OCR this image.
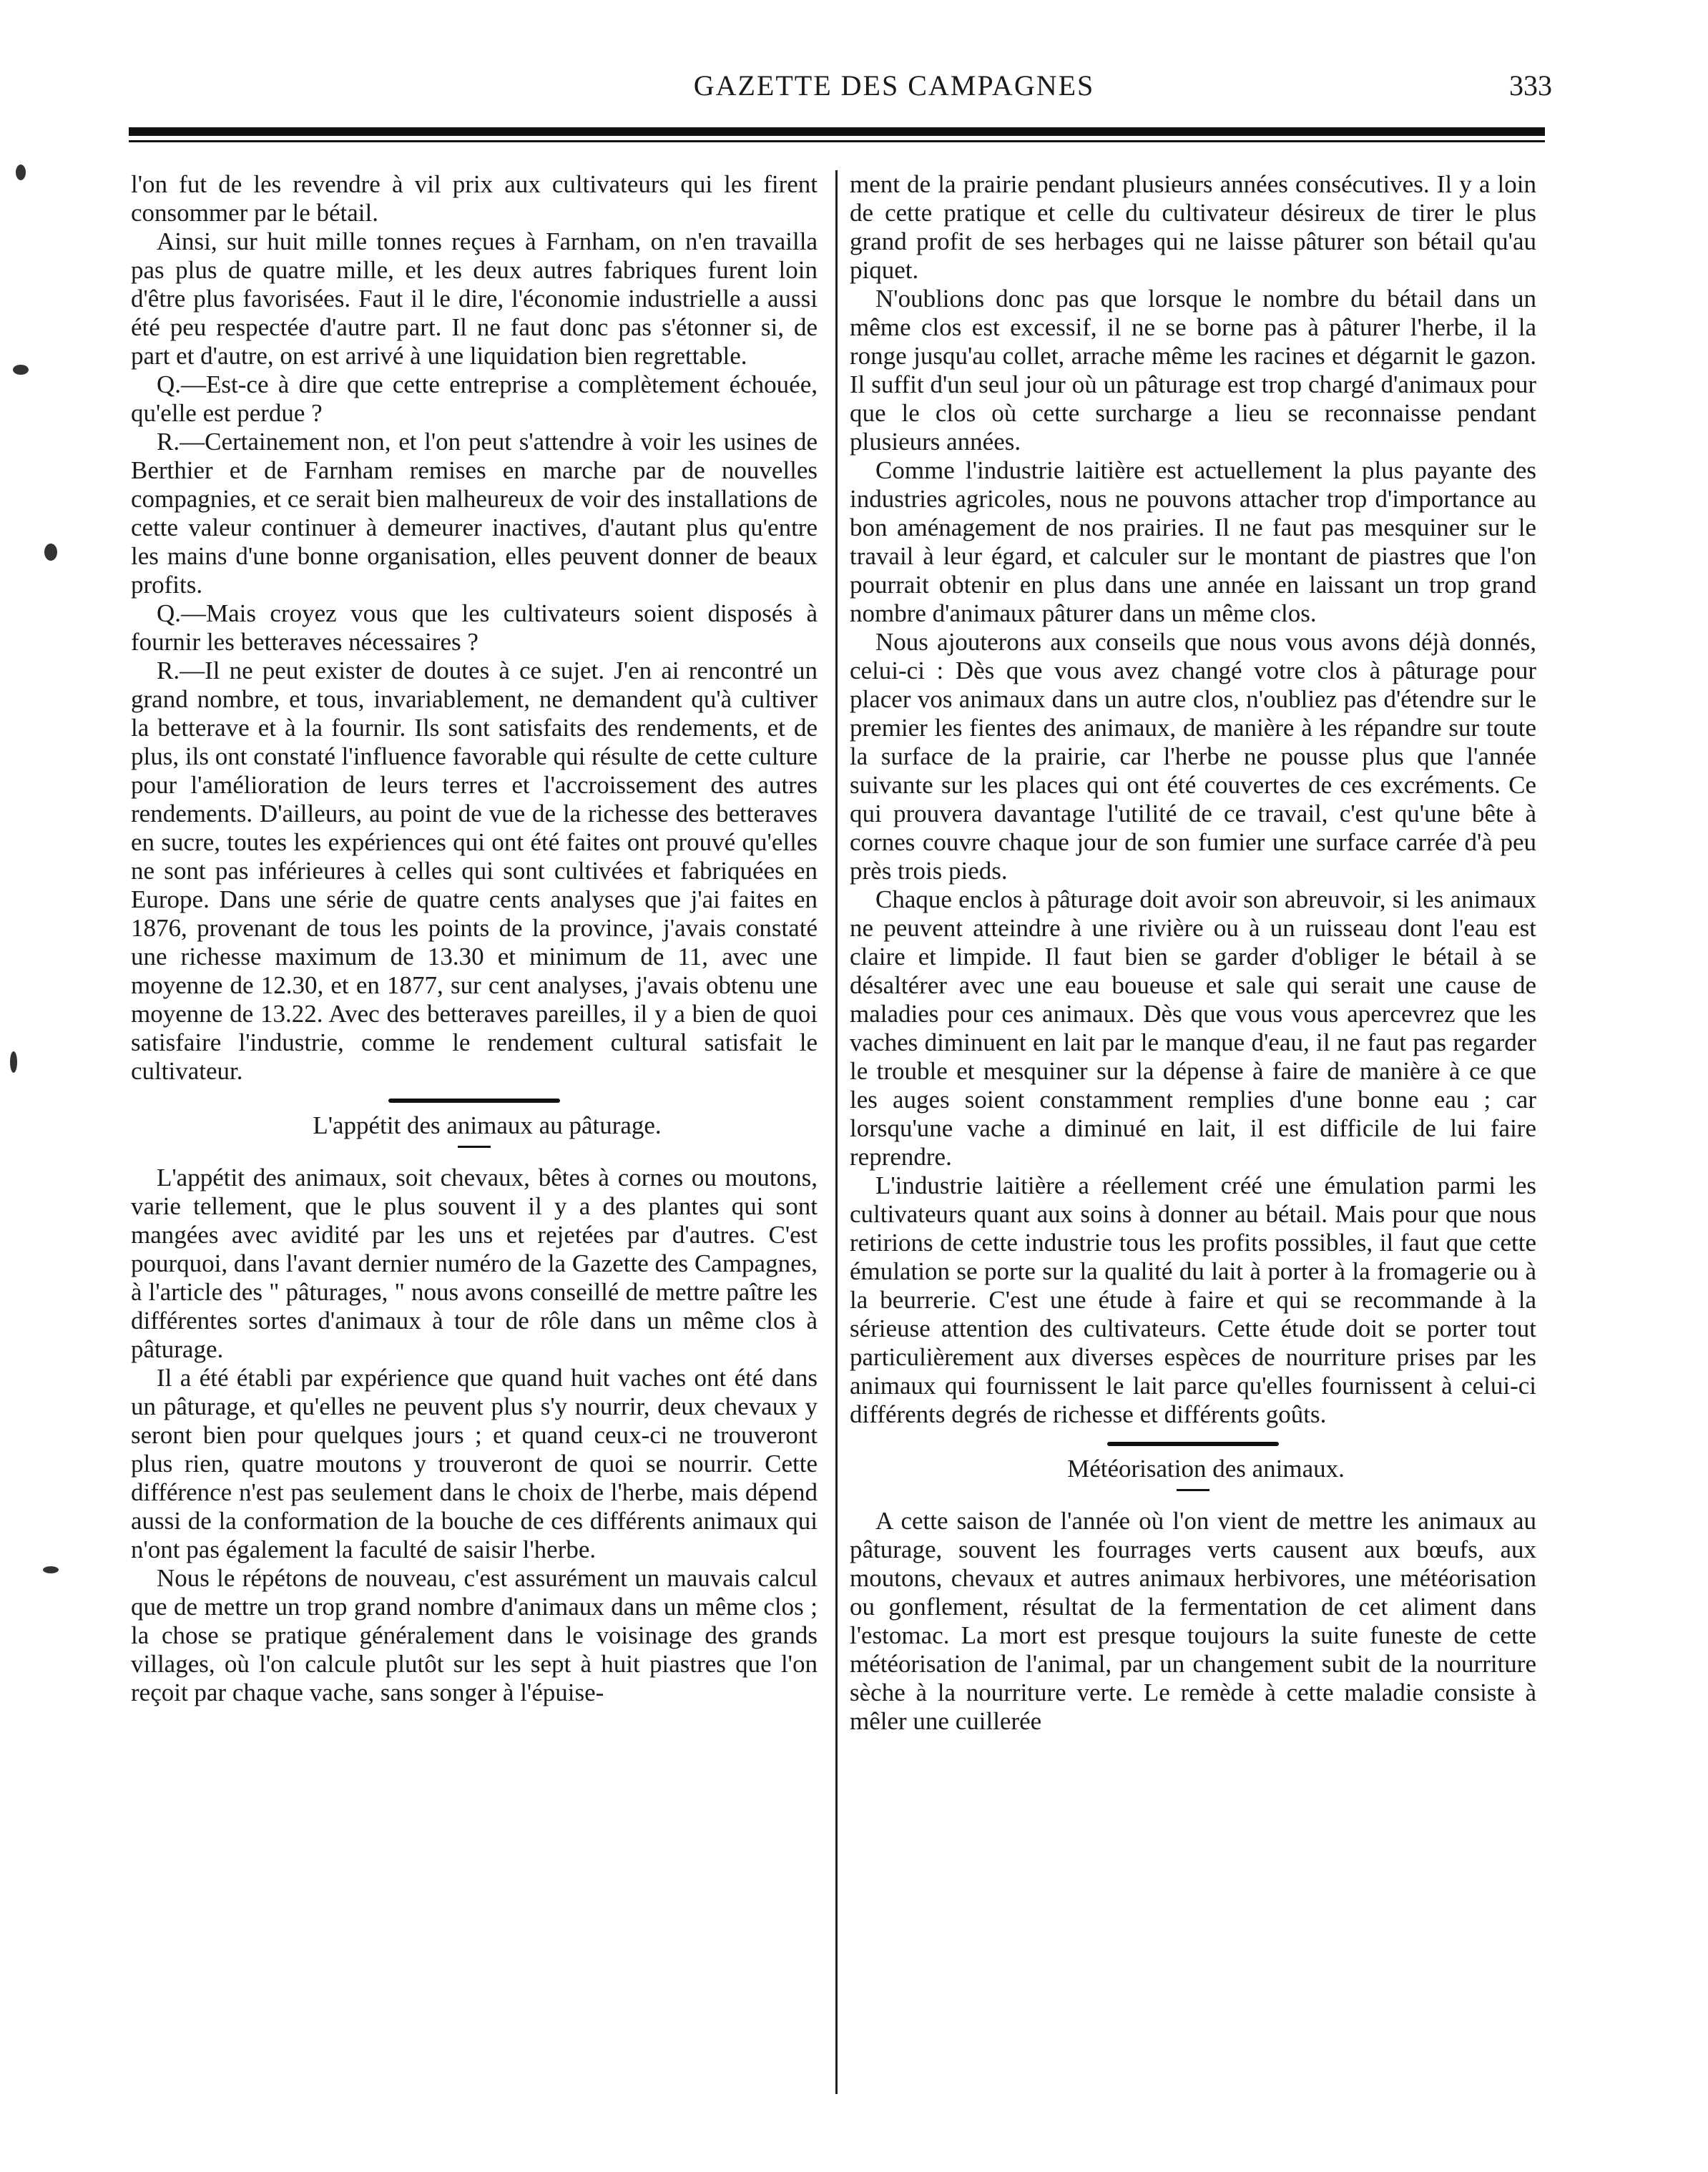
GAZETTE DES CAMPAGNES	333

l'on fut de les revendre à vil prix aux cultivateurs qui les firent consommer par le bétail.

Ainsi, sur huit mille tonnes reçues à Farnham, on n'en travailla pas plus de quatre mille, et les deux autres fabriques furent loin d'être plus favorisées. Faut il le dire, l'économie industrielle a aussi été peu respectée d'autre part. Il ne faut donc pas s'étonner si, de part et d'autre, on est arrivé à une liquidation bien regrettable.

Q.—Est-ce à dire que cette entreprise a complètement échouée, qu'elle est perdue ?

R.—Certainement non, et l'on peut s'attendre à voir les usines de Berthier et de Farnham remises en marche par de nouvelles compagnies, et ce serait bien malheureux de voir des installations de cette valeur continuer à demeurer inactives, d'autant plus qu'entre les mains d'une bonne organisation, elles peuvent donner de beaux profits.

Q.—Mais croyez vous que les cultivateurs soient disposés à fournir les betteraves nécessaires ?

R.—Il ne peut exister de doutes à ce sujet. J'en ai rencontré un grand nombre, et tous, invariablement, ne demandent qu'à cultiver la betterave et à la fournir. Ils sont satisfaits des rendements, et de plus, ils ont constaté l'influence favorable qui résulte de cette culture pour l'amélioration de leurs terres et l'accroissement des autres rendements. D'ailleurs, au point de vue de la richesse des betteraves en sucre, toutes les expériences qui ont été faites ont prouvé qu'elles ne sont pas inférieures à celles qui sont cultivées et fabriquées en Europe. Dans une série de quatre cents analyses que j'ai faites en 1876, provenant de tous les points de la province, j'avais constaté une richesse maximum de 13.30 et minimum de 11, avec une moyenne de 12.30, et en 1877, sur cent analyses, j'avais obtenu une moyenne de 13.22. Avec des betteraves pareilles, il y a bien de quoi satisfaire l'industrie, comme le rendement cultural satisfait le cultivateur.

L'appétit des animaux au pâturage.

L'appétit des animaux, soit chevaux, bêtes à cornes ou moutons, varie tellement, que le plus souvent il y a des plantes qui sont mangées avec avidité par les uns et rejetées par d'autres. C'est pourquoi, dans l'avant dernier numéro de la Gazette des Campagnes, à l'article des " pâturages, " nous avons conseillé de mettre paître les différentes sortes d'animaux à tour de rôle dans un même clos à pâturage.

Il a été établi par expérience que quand huit vaches ont été dans un pâturage, et qu'elles ne peuvent plus s'y nourrir, deux chevaux y seront bien pour quelques jours ; et quand ceux-ci ne trouveront plus rien, quatre moutons y trouveront de quoi se nourrir. Cette différence n'est pas seulement dans le choix de l'herbe, mais dépend aussi de la conformation de la bouche de ces différents animaux qui n'ont pas également la faculté de saisir l'herbe.

Nous le répétons de nouveau, c'est assurément un mauvais calcul que de mettre un trop grand nombre d'animaux dans un même clos ; la chose se pratique généralement dans le voisinage des grands villages, où l'on calcule plutôt sur les sept à huit piastres que l'on reçoit par chaque vache, sans songer à l'épuise-

ment de la prairie pendant plusieurs années consécutives. Il y a loin de cette pratique et celle du cultivateur désireux de tirer le plus grand profit de ses herbages qui ne laisse pâturer son bétail qu'au piquet.

N'oublions donc pas que lorsque le nombre du bétail dans un même clos est excessif, il ne se borne pas à pâturer l'herbe, il la ronge jusqu'au collet, arrache même les racines et dégarnit le gazon. Il suffit d'un seul jour où un pâturage est trop chargé d'animaux pour que le clos où cette surcharge a lieu se reconnaisse pendant plusieurs années.

Comme l'industrie laitière est actuellement la plus payante des industries agricoles, nous ne pouvons attacher trop d'importance au bon aménagement de nos prairies. Il ne faut pas mesquiner sur le travail à leur égard, et calculer sur le montant de piastres que l'on pourrait obtenir en plus dans une année en laissant un trop grand nombre d'animaux pâturer dans un même clos.

Nous ajouterons aux conseils que nous vous avons déjà donnés, celui-ci : Dès que vous avez changé votre clos à pâturage pour placer vos animaux dans un autre clos, n'oubliez pas d'étendre sur le premier les fientes des animaux, de manière à les répandre sur toute la surface de la prairie, car l'herbe ne pousse plus que l'année suivante sur les places qui ont été couvertes de ces excréments. Ce qui prouvera davantage l'utilité de ce travail, c'est qu'une bête à cornes couvre chaque jour de son fumier une surface carrée d'à peu près trois pieds.

Chaque enclos à pâturage doit avoir son abreuvoir, si les animaux ne peuvent atteindre à une rivière ou à un ruisseau dont l'eau est claire et limpide. Il faut bien se garder d'obliger le bétail à se désaltérer avec une eau boueuse et sale qui serait une cause de maladies pour ces animaux. Dès que vous vous apercevrez que les vaches diminuent en lait par le manque d'eau, il ne faut pas regarder le trouble et mesquiner sur la dépense à faire de manière à ce que les auges soient constamment remplies d'une bonne eau ; car lorsqu'une vache a diminué en lait, il est difficile de lui faire reprendre.

L'industrie laitière a réellement créé une émulation parmi les cultivateurs quant aux soins à donner au bétail. Mais pour que nous retirions de cette industrie tous les profits possibles, il faut que cette émulation se porte sur la qualité du lait à porter à la fromagerie ou à la beurrerie. C'est une étude à faire et qui se recommande à la sérieuse attention des cultivateurs. Cette étude doit se porter tout particulièrement aux diverses espèces de nourriture prises par les animaux qui fournissent le lait parce qu'elles fournissent à celui-ci différents degrés de richesse et différents goûts.

Météorisation des animaux.

A cette saison de l'année où l'on vient de mettre les animaux au pâturage, souvent les fourrages verts causent aux bœufs, aux moutons, chevaux et autres animaux herbivores, une météorisation ou gonflement, résultat de la fermentation de cet aliment dans l'estomac. La mort est presque toujours la suite funeste de cette météorisation de l'animal, par un changement subit de la nourriture sèche à la nourriture verte. Le remède à cette maladie consiste à mêler une cuillerée
